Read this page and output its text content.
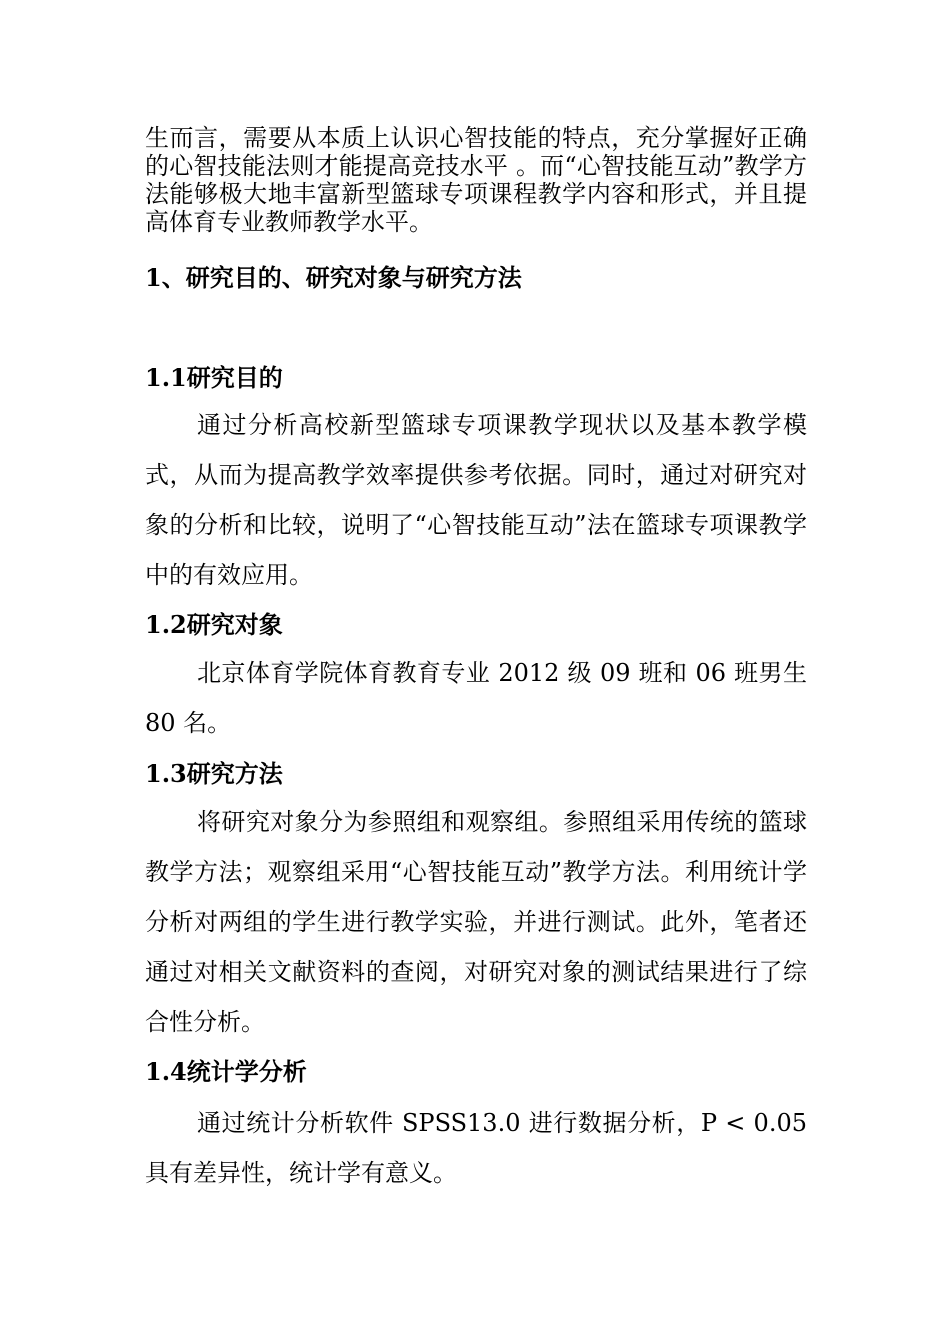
生而言，需要从本质上认识心智技能的特点，充分掌握好正确的心智技能法则才能提高竞技水平 。而“心智技能互动”教学方法能够极大地丰富新型篮球专项课程教学内容和形式，并且提高体育专业教师教学水平。

1、研究目的、研究对象与研究方法
1.1研究目的

通过分析高校新型篮球专项课教学现状以及基本教学模式，从而为提高教学效率提供参考依据。同时，通过对研究对象的分析和比较，说明了“心智技能互动”法在篮球专项课教学中的有效应用。

1.2研究对象

北京体育学院体育教育专业 2012 级 09 班和 06 班男生 80 名。

1.3研究方法

将研究对象分为参照组和观察组。参照组采用传统的篮球教学方法；观察组采用“心智技能互动”教学方法。利用统计学分析对两组的学生进行教学实验，并进行测试。此外，笔者还通过对相关文献资料的查阅，对研究对象的测试结果进行了综合性分析。

1.4统计学分析

通过统计分析软件 SPSS13.0 进行数据分析，P < 0.05 具有差异性，统计学有意义。
